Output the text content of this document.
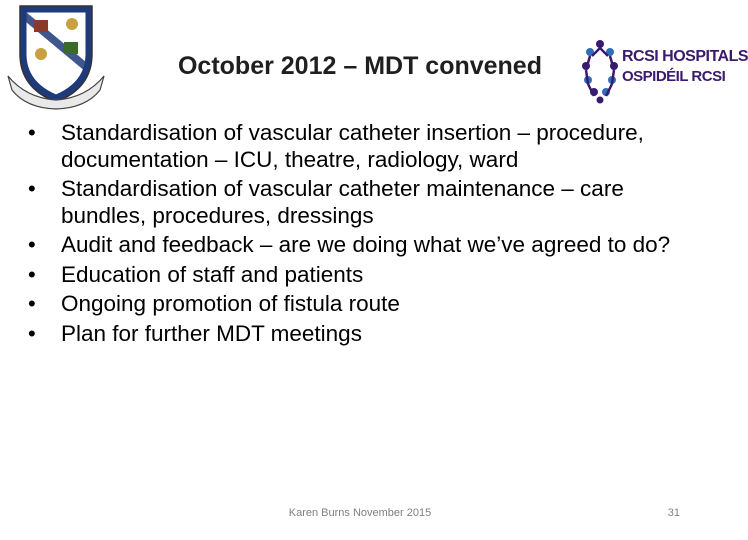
October 2012 – MDT convened	RCSI HOSPITALS
OSPIDÉIL RCSI
• Standardisation of vascular catheter insertion – procedure, documentation – ICU, theatre, radiology, ward
• Standardisation of vascular catheter maintenance – care bundles, procedures, dressings
• Audit and feedback – are we doing what we’ve agreed to do?
• Education of staff and patients
• Ongoing promotion of fistula route
• Plan for further MDT meetings
Karen Burns November 2015	31
